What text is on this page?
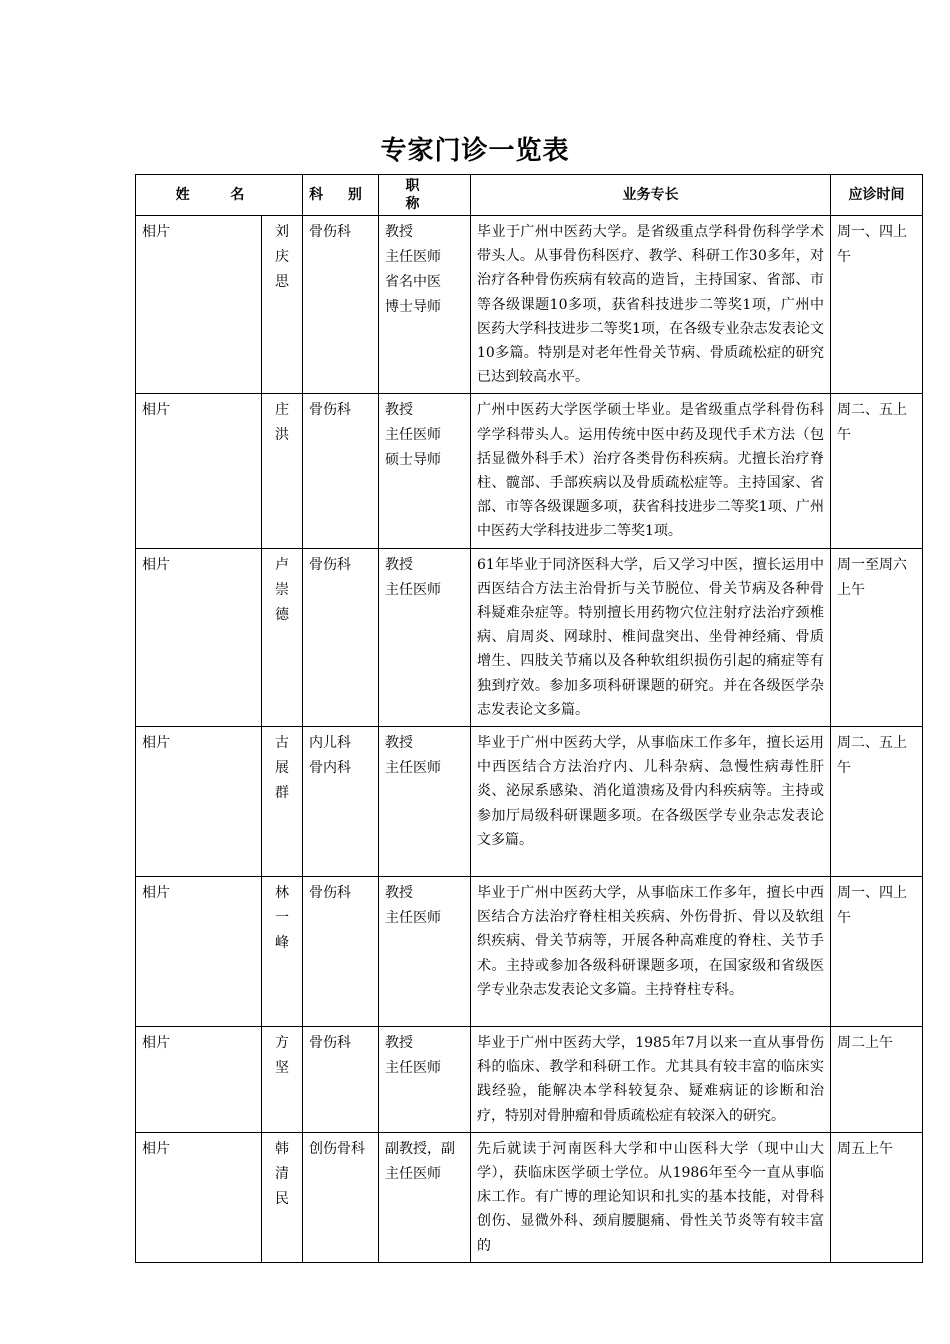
专家门诊一览表
姓 名		科 别	职 称	业务专长	应诊时间
相片	刘庆思	骨伤科	教授
主任医师
省名中医
博士导师	毕业于广州中医药大学。是省级重点学科骨伤科学学术带头人。从事骨伤科医疗、教学、科研工作30多年，对治疗各种骨伤疾病有较高的造旨，主持国家、省部、市等各级课题10多项，获省科技进步二等奖1项，广州中医药大学科技进步二等奖1项，在各级专业杂志发表论文10多篇。特别是对老年性骨关节病、骨质疏松症的研究已达到较高水平。	周一、四上午
相片	庄洪	骨伤科	教授
主任医师
硕士导师	广州中医药大学医学硕士毕业。是省级重点学科骨伤科学学科带头人。运用传统中医中药及现代手术方法（包括显微外科手术）治疗各类骨伤科疾病。尤擅长治疗脊柱、髋部、手部疾病以及骨质疏松症等。主持国家、省部、市等各级课题多项，获省科技进步二等奖1项、广州中医药大学科技进步二等奖1项。	周二、五上午
相片	卢崇德	骨伤科	教授
主任医师	61年毕业于同济医科大学，后又学习中医，擅长运用中西医结合方法主治骨折与关节脱位、骨关节病及各种骨科疑难杂症等。特别擅长用药物穴位注射疗法治疗颈椎病、肩周炎、网球肘、椎间盘突出、坐骨神经痛、骨质增生、四肢关节痛以及各种软组织损伤引起的痛症等有独到疗效。参加多项科研课题的研究。并在各级医学杂志发表论文多篇。	周一至周六上午
相片	古展群	内儿科
骨内科	教授
主任医师	毕业于广州中医药大学，从事临床工作多年，擅长运用中西医结合方法治疗内、儿科杂病、急慢性病毒性肝炎、泌尿系感染、消化道溃疡及骨内科疾病等。主持或参加厅局级科研课题多项。在各级医学专业杂志发表论文多篇。	周二、五上午
相片	林一峰	骨伤科	教授
主任医师	毕业于广州中医药大学，从事临床工作多年，擅长中西医结合方法治疗脊柱相关疾病、外伤骨折、骨以及软组织疾病、骨关节病等，开展各种高难度的脊柱、关节手术。主持或参加各级科研课题多项，在国家级和省级医学专业杂志发表论文多篇。主持脊柱专科。	周一、四上午
相片	方坚	骨伤科	教授
主任医师	毕业于广州中医药大学，1985年7月以来一直从事骨伤科的临床、教学和科研工作。尤其具有较丰富的临床实践经验，能解决本学科较复杂、疑难病证的诊断和治疗，特别对骨肿瘤和骨质疏松症有较深入的研究。	周二上午
相片	韩清民	创伤骨科	副教授，副主任医师	先后就读于河南医科大学和中山医科大学（现中山大学），获临床医学硕士学位。从1986年至今一直从事临床工作。有广博的理论知识和扎实的基本技能，对骨科创伤、显微外科、颈肩腰腿痛、骨性关节炎等有较丰富的	周五上午
